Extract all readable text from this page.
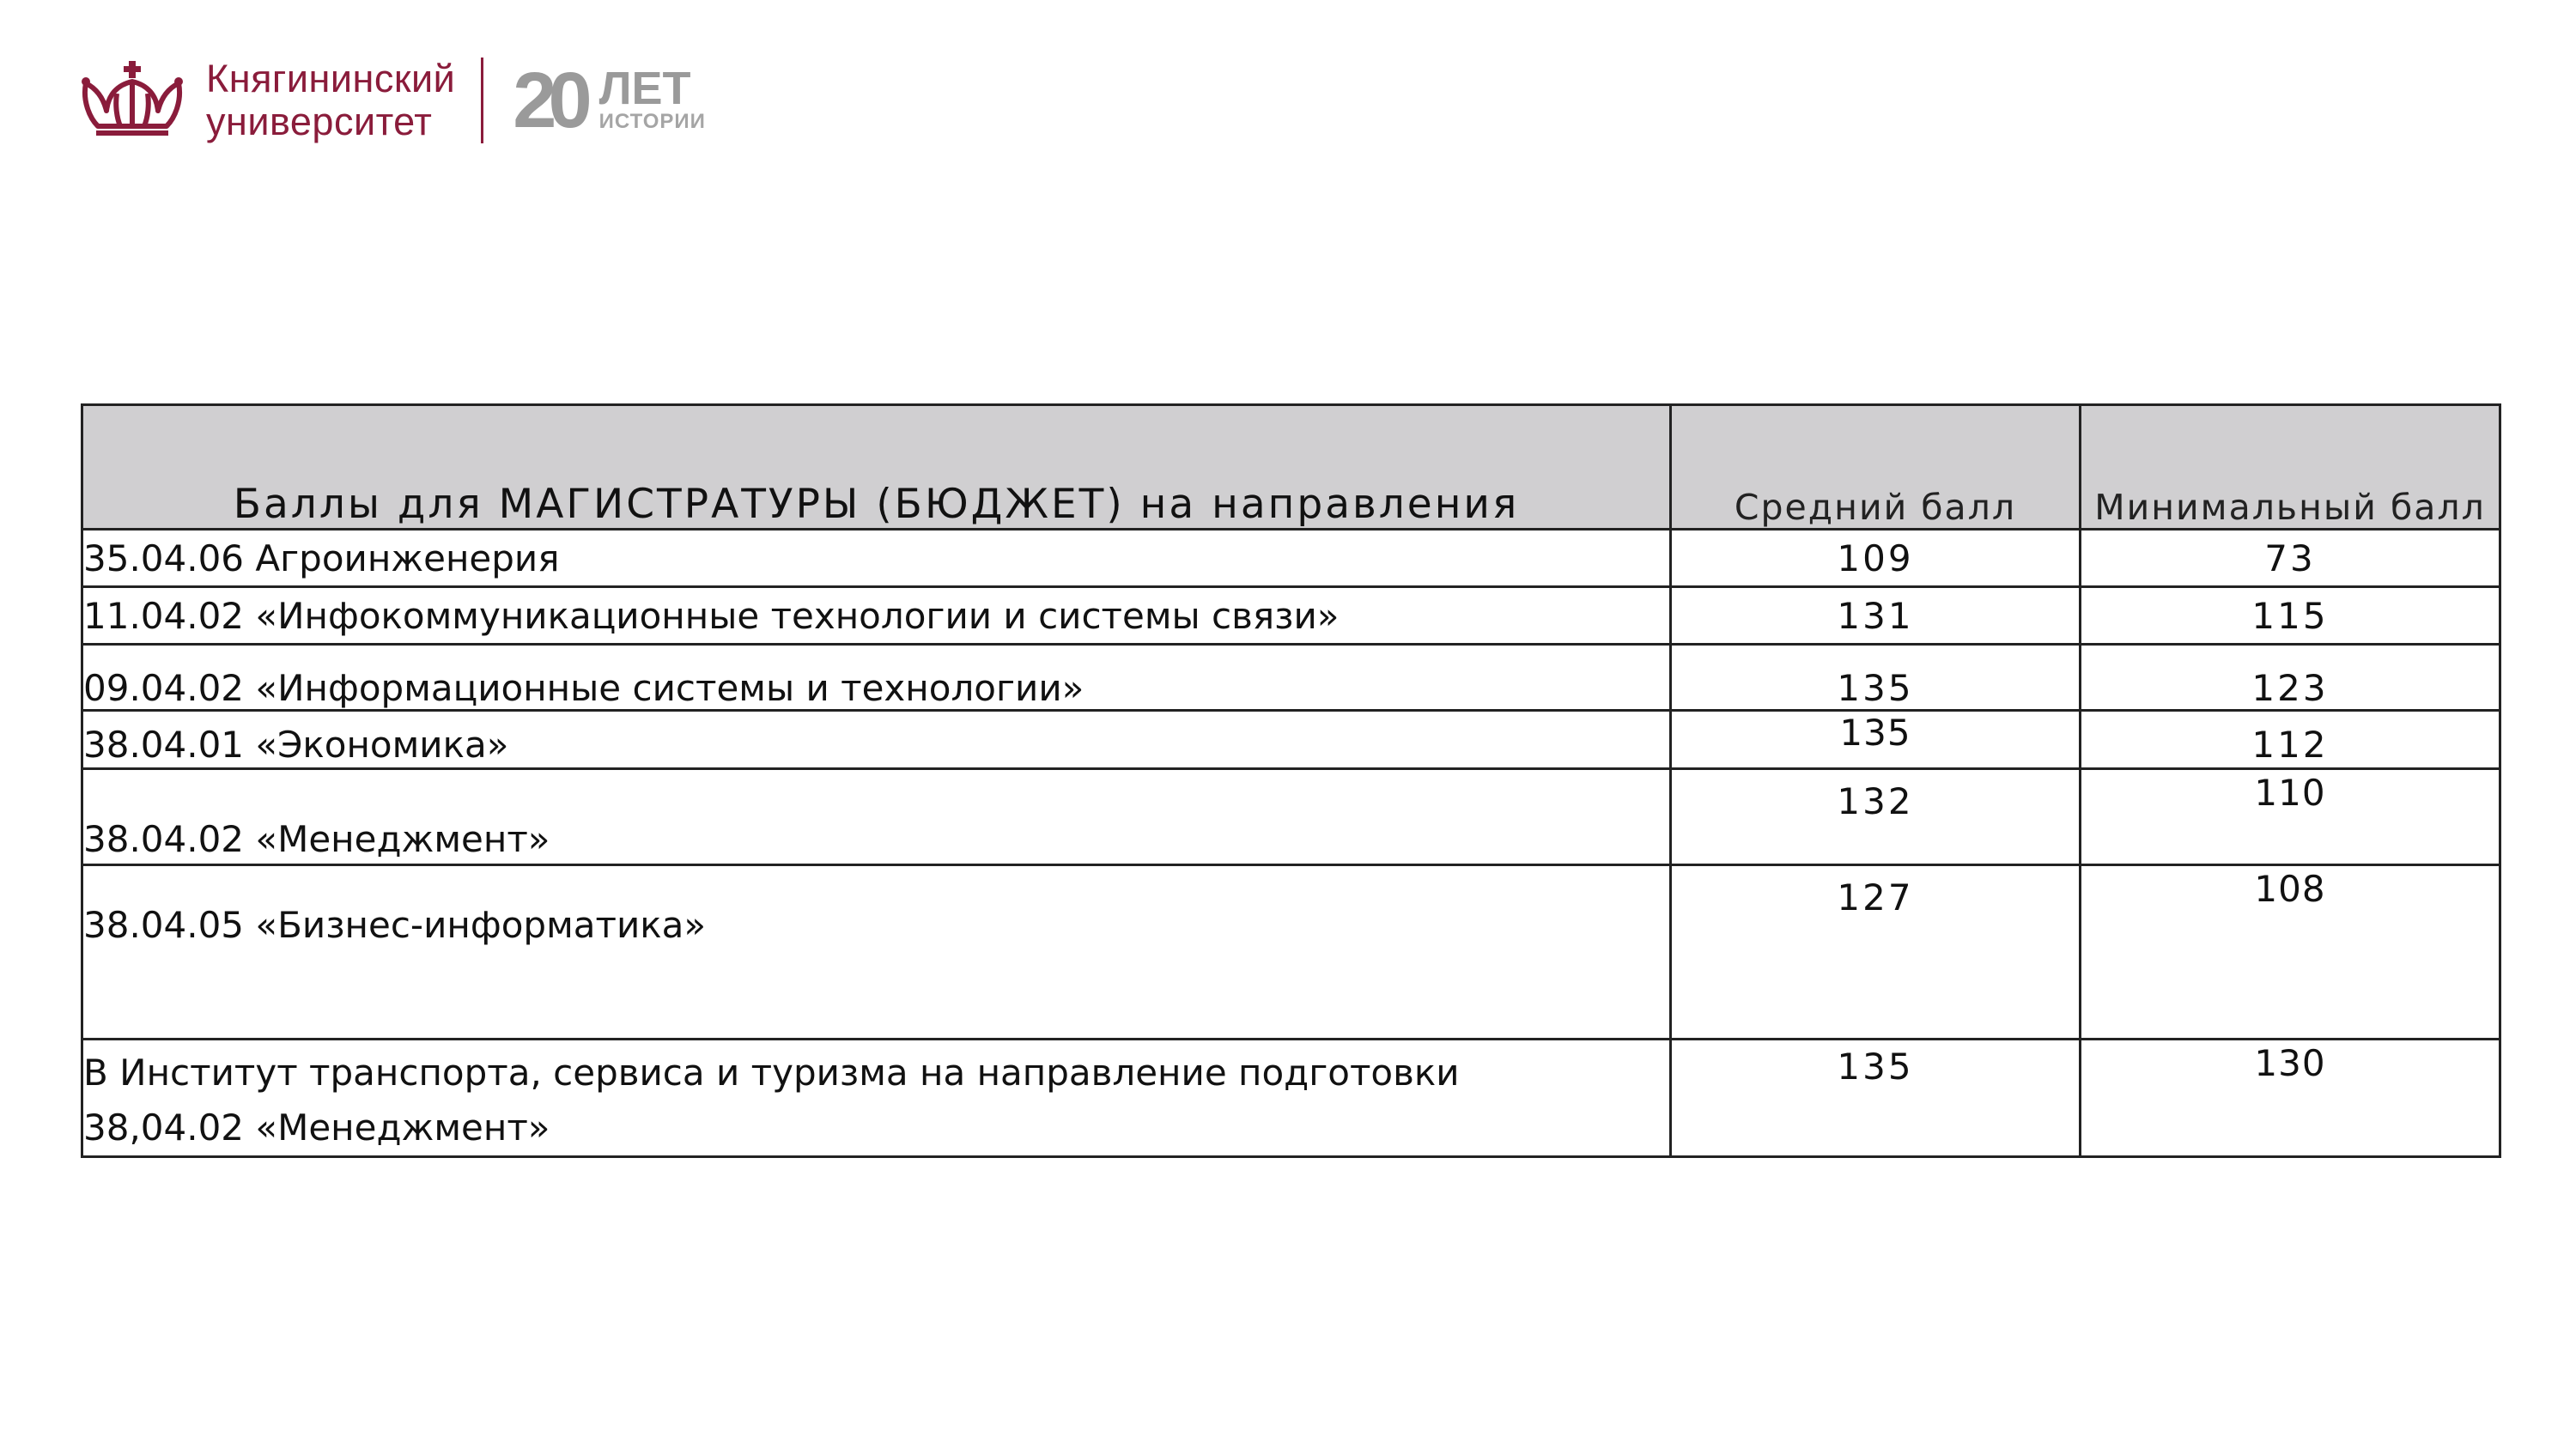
Княгининский
университет 20 ЛЕТ
ИСТОРИИ
Баллы для МАГИСТРАТУРЫ (БЮДЖЕТ) на направления	Средний балл	Минимальный балл
35.04.06 Агроинженерия	109	73
11.04.02 «Инфокоммуникационные технологии и системы связи»	131	115
09.04.02 «Информационные системы и технологии»	135	123
38.04.01 «Экономика»	135	112
38.04.02 «Менеджмент»	132	110
38.04.05 «Бизнес-информатика»	127	108

В Институт транспорта, сервиса и туризма на направление подготовки
38,04.02 «Менеджмент»	135	130
